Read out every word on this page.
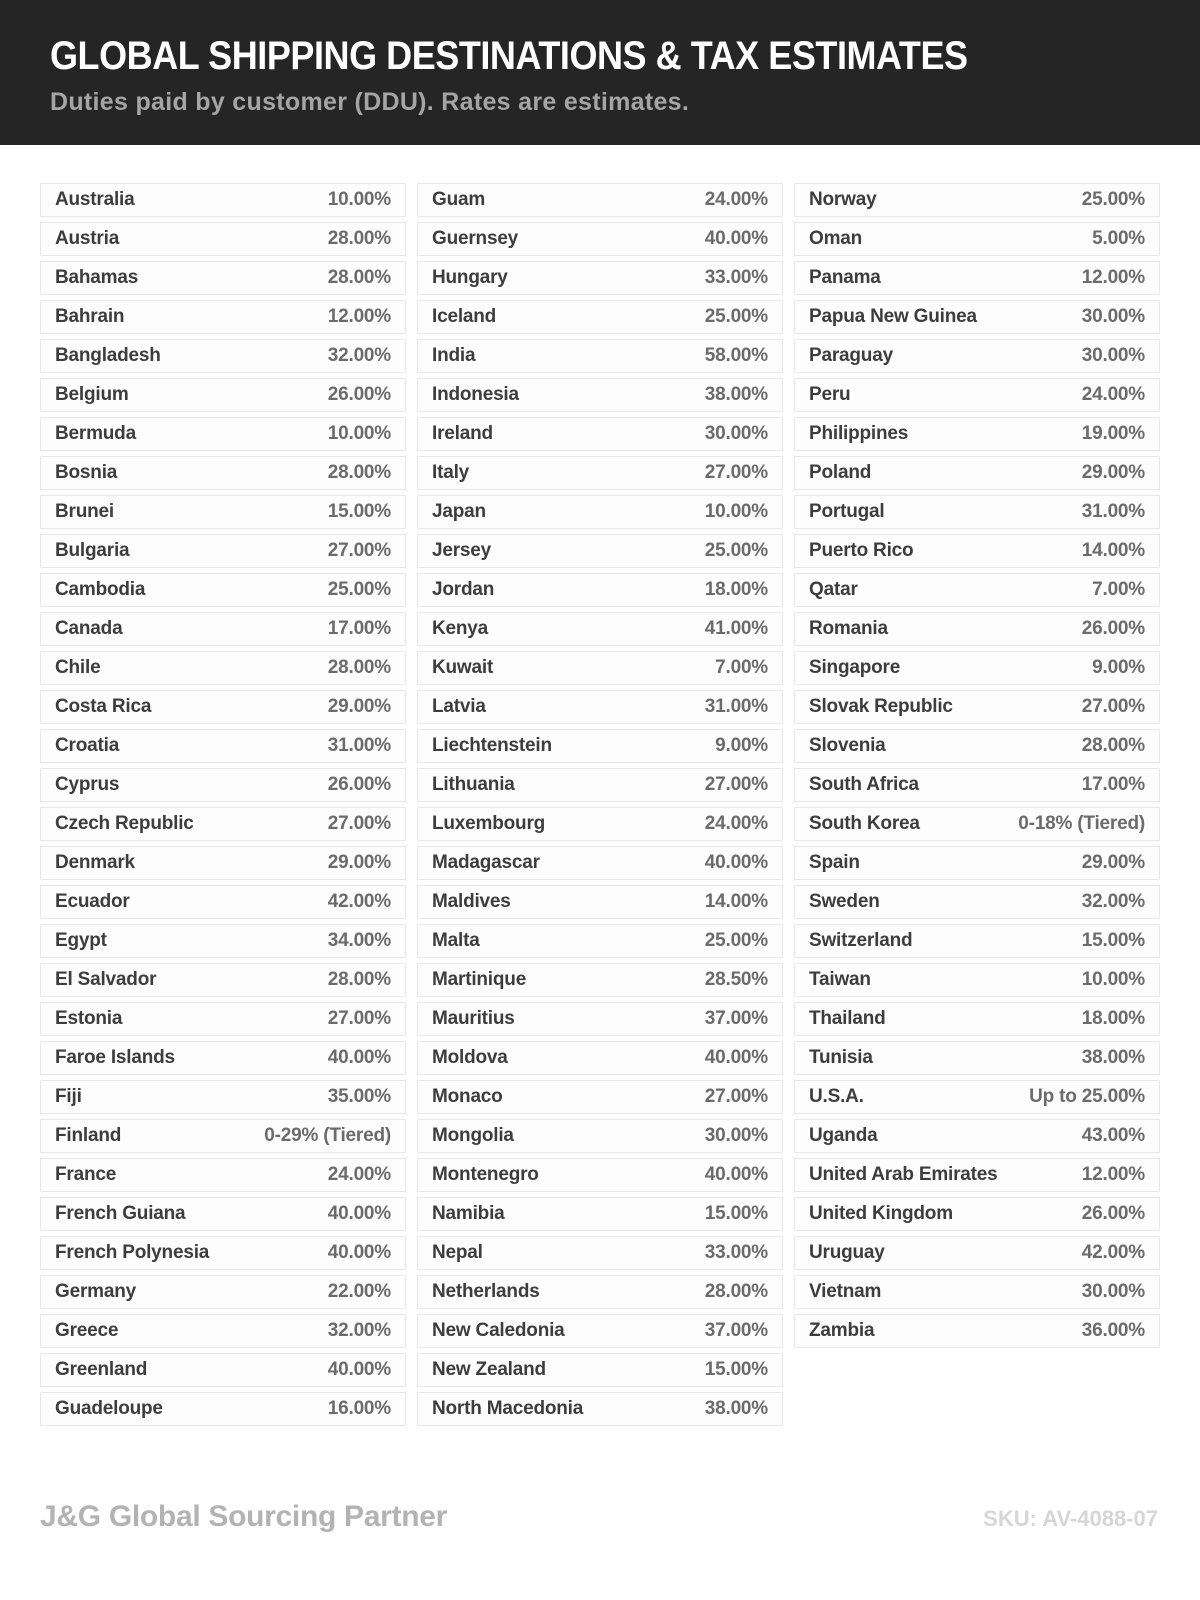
GLOBAL SHIPPING DESTINATIONS & TAX ESTIMATES

Duties paid by customer (DDU). Rates are estimates.

Australia	10.00%
Austria	28.00%
Bahamas	28.00%
Bahrain	12.00%
Bangladesh	32.00%
Belgium	26.00%
Bermuda	10.00%
Bosnia	28.00%
Brunei	15.00%
Bulgaria	27.00%
Cambodia	25.00%
Canada	17.00%
Chile	28.00%
Costa Rica	29.00%
Croatia	31.00%
Cyprus	26.00%
Czech Republic	27.00%
Denmark	29.00%
Ecuador	42.00%
Egypt	34.00%
El Salvador	28.00%
Estonia	27.00%
Faroe Islands	40.00%
Fiji	35.00%
Finland	0-29% (Tiered)
France	24.00%
French Guiana	40.00%
French Polynesia	40.00%
Germany	22.00%
Greece	32.00%
Greenland	40.00%
Guadeloupe	16.00%
Guam	24.00%
Guernsey	40.00%
Hungary	33.00%
Iceland	25.00%
India	58.00%
Indonesia	38.00%
Ireland	30.00%
Italy	27.00%
Japan	10.00%
Jersey	25.00%
Jordan	18.00%
Kenya	41.00%
Kuwait	7.00%
Latvia	31.00%
Liechtenstein	9.00%
Lithuania	27.00%
Luxembourg	24.00%
Madagascar	40.00%
Maldives	14.00%
Malta	25.00%
Martinique	28.50%
Mauritius	37.00%
Moldova	40.00%
Monaco	27.00%
Mongolia	30.00%
Montenegro	40.00%
Namibia	15.00%
Nepal	33.00%
Netherlands	28.00%
New Caledonia	37.00%
New Zealand	15.00%
North Macedonia	38.00%
Norway	25.00%
Oman	5.00%
Panama	12.00%
Papua New Guinea	30.00%
Paraguay	30.00%
Peru	24.00%
Philippines	19.00%
Poland	29.00%
Portugal	31.00%
Puerto Rico	14.00%
Qatar	7.00%
Romania	26.00%
Singapore	9.00%
Slovak Republic	27.00%
Slovenia	28.00%
South Africa	17.00%
South Korea	0-18% (Tiered)
Spain	29.00%
Sweden	32.00%
Switzerland	15.00%
Taiwan	10.00%
Thailand	18.00%
Tunisia	38.00%
U.S.A.	Up to 25.00%
Uganda	43.00%
United Arab Emirates	12.00%
United Kingdom	26.00%
Uruguay	42.00%
Vietnam	30.00%
Zambia	36.00%
J&G Global Sourcing Partner	SKU: AV-4088-07
